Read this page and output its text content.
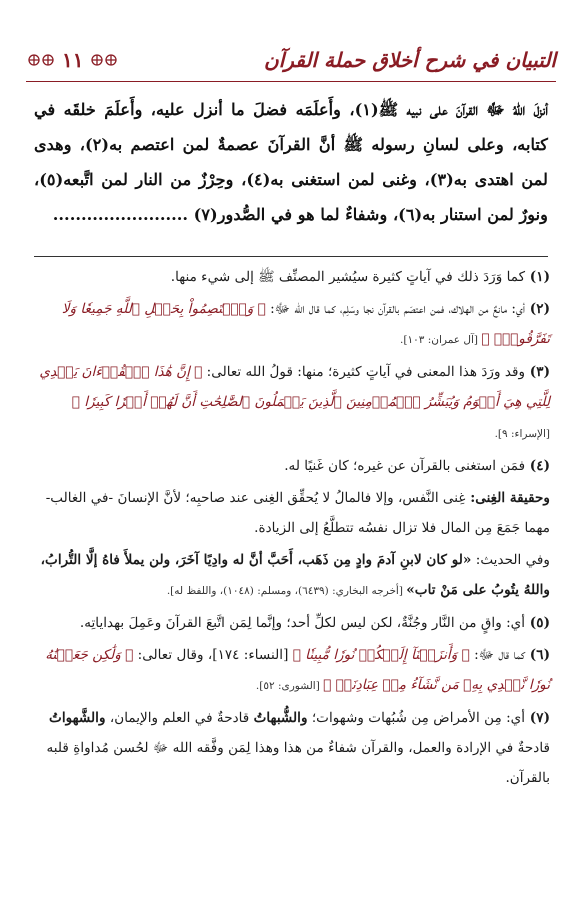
التبيان في شرح أخلاق حملة القرآن
١١

أنزلَ اللهُ ﷻ القرآنَ على نبيه ﷺ(١)، وأَعلَمَه فضلَ ما أنزل عليه، وأَعلَمَ خلقَه في كتابه، وعلى لسانِ رسوله ﷺ أنَّ القرآنَ عصمةٌ لمن اعتصم به(٢)، وهدى لمن اهتدى به(٣)، وغنى لمن استغنى به(٤)، وحِرْزٌ من النار لمن اتَّبعه(٥)، ونورٌ لمن استنار به(٦)، وشفاءٌ لما هو في الصُّدور(٧) ........................

(١) كما وَرَدَ ذلك في آياتٍ كثيرة سيُشير المصنِّف ﷺ إلى شيء منها.

(٢) أي: مانعٌ من الهلاك، فمن اعتصَم بالقرآن نجا وسَلِم، كما قال الله ﷻ: ﴿ وَٱعۡتَصِمُواْ بِحَبۡلِ ٱللَّهِ جَمِيعٗا وَلَا تَفَرَّقُواْۚ ﴾ [آل عمران: ١٠٣].

(٣) وقد ورَدَ هذا المعنى في آياتٍ كثيرة؛ منها: قولُ الله تعالى: ﴿ إِنَّ هَٰذَا ٱلۡقُرۡءَانَ يَهۡدِي لِلَّتِي هِيَ أَقۡوَمُ وَيُبَشِّرُ ٱلۡمُؤۡمِنِينَ ٱلَّذِينَ يَعۡمَلُونَ ٱلصَّٰلِحَٰتِ أَنَّ لَهُمۡ أَجۡرٗا كَبِيرٗا ﴾ [الإسراء: ٩].

(٤) فمَن استغنى بالقرآن عن غيره؛ كان غَنيًا له.

وحقيقة الغِنى: غِنى النَّفس، وإلا فالمالُ لا يُحقِّق الغِنى عند صاحبِه؛ لأنَّ الإنسانَ -في الغالب- مهما جَمَعَ مِن المال فلا تزال نفسُه تتطلَّعُ إلى الزيادة.

وفي الحديث: «لو كان لابنِ آدمَ وادٍ مِن ذَهَب، أَحَبَّ أنَّ له وادِيًا آخَرَ، ولن يملأَ فاهُ إلَّا التُّرابُ، واللهُ يتُوبُ على مَنْ تاب» [أخرجه البخاري: (٦٤٣٩)، ومسلم: (١٠٤٨)، واللفظ له].

(٥) أي: واقٍ من النَّار وجُنَّةٌ، لكن ليس لكلِّ أحد؛ وإنَّما لِمَن اتَّبعَ القرآنَ وعَمِلَ بهداياتِه.

(٦) كما قال ﷻ: ﴿ وَأَنزَلۡنَآ إِلَيۡكُمۡ نُورٗا مُّبِينٗا ﴾ [النساء: ١٧٤]، وقال تعالى: ﴿ وَلَٰكِن جَعَلۡنَٰهُ نُورٗا نَّهۡدِي بِهِۦ مَن نَّشَآءُ مِنۡ عِبَادِنَاۚ ﴾ [الشورى: ٥٢].

(٧) أي: مِن الأمراض مِن شُبُهات وشهوات؛ والشُّبهاتُ قادحةٌ في العلم والإيمان، والشَّهواتُ قادحةٌ في الإرادة والعمل، والقرآن شفاءٌ من هذا وهذا لِمَن وفَّقه الله ﷻ لحُسن مُداواةِ قلبه بالقرآن.
